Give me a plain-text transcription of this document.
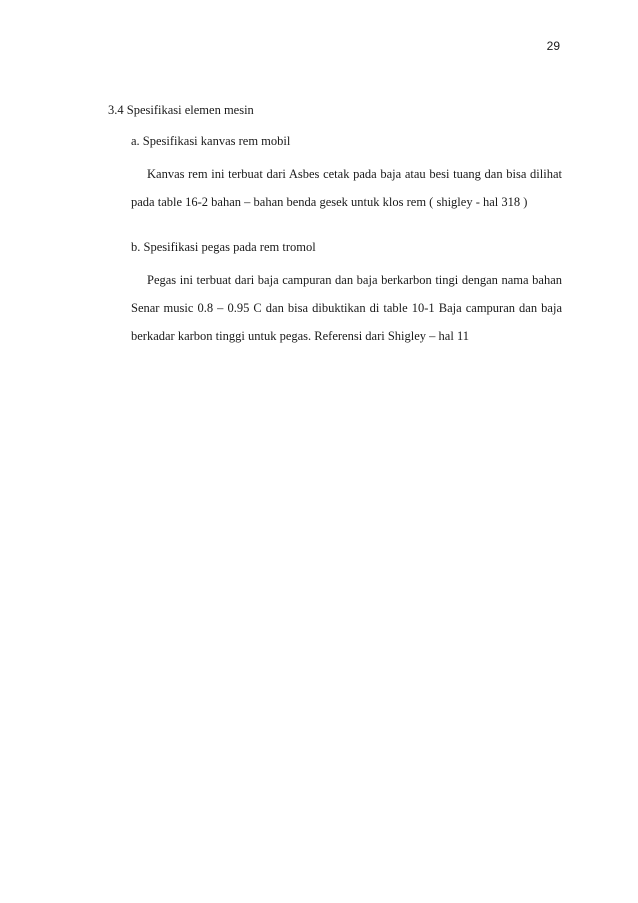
29
3.4 Spesifikasi elemen mesin
a. Spesifikasi kanvas rem mobil
Kanvas rem ini terbuat dari Asbes cetak pada baja atau besi tuang dan bisa dilihat
pada table 16-2 bahan – bahan benda gesek untuk klos rem ( shigley - hal 318 )
b. Spesifikasi pegas pada rem tromol
Pegas ini terbuat dari baja campuran dan baja berkarbon tingi dengan nama bahan
Senar music 0.8 – 0.95 C dan bisa dibuktikan di table 10-1 Baja campuran dan baja
berkadar karbon tinggi untuk pegas. Referensi dari Shigley – hal 11
